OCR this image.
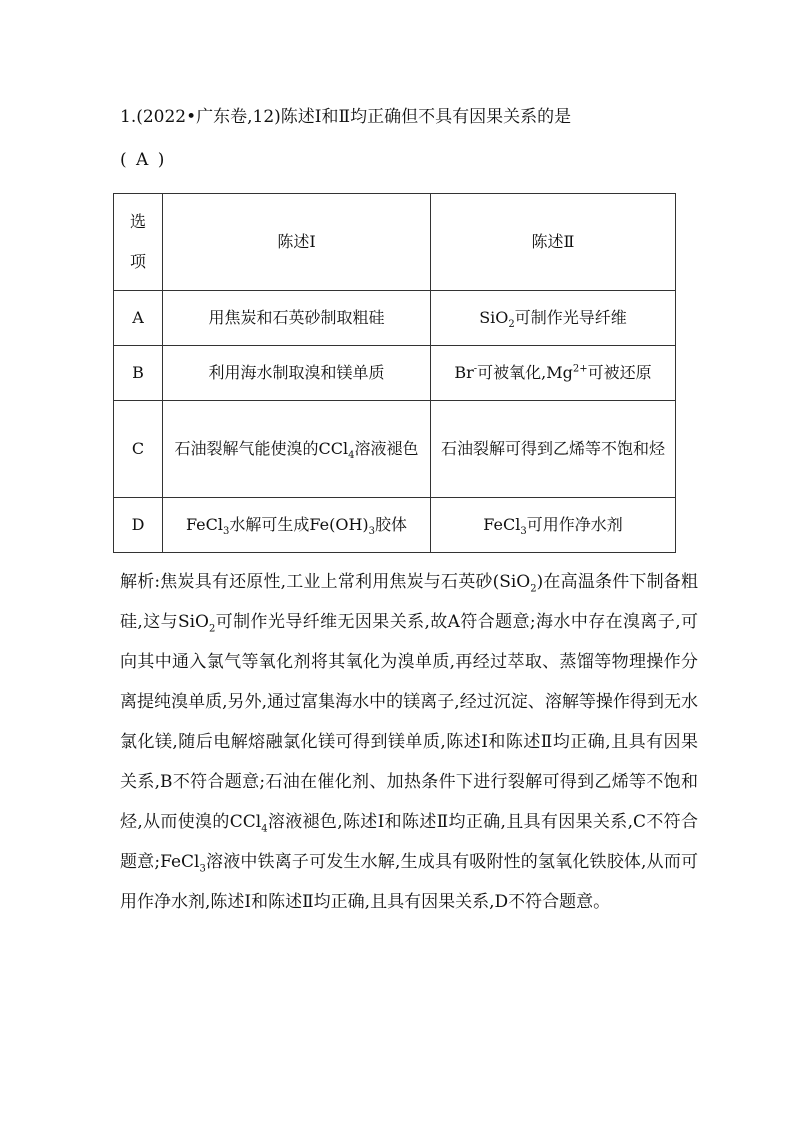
1.(2022•广东卷,12)陈述Ⅰ和Ⅱ均正确但不具有因果关系的是
( A )
选
项	陈述Ⅰ	陈述Ⅱ
A	用焦炭和石英砂制取粗硅	SiO$_2$可制作光导纤维
B	利用海水制取溴和镁单质	Br-可被氧化$,Mg^{2+}$可被还原
C	石油裂解气能使溴的CCl$_4$溶液褪色	石油裂解可得到乙烯等不饱和烃
D	FeCl$_3$水解可生成$Fe(OH)_3$胶体	FeCl$_3$可用作净水剂
解析:焦炭具有还原性,工业上常利用焦炭与石英砂(SiO$_2$)在高温条件下制备粗硅,这与SiO$_2$可制作光导纤维无因果关系,故A符合题意;海水中存在溴离子,可向其中通入氯气等氧化剂将其氧化为溴单质,再经过萃取、蒸馏等物理操作分离提纯溴单质,另外,通过富集海水中的镁离子,经过沉淀、溶解等操作得到无水氯化镁,随后电解熔融氯化镁可得到镁单质,陈述Ⅰ和陈述Ⅱ均正确,且具有因果关系,B不符合题意;石油在催化剂、加热条件下进行裂解可得到乙烯等不饱和烃,从而使溴的CCl$_4$溶液褪色,陈述Ⅰ和陈述Ⅱ均正确,且具有因果关系,C不符合题意;FeCl$_3$溶液中铁离子可发生水解,生成具有吸附性的氢氧化铁胶体,从而可用作净水剂,陈述Ⅰ和陈述Ⅱ均正确,且具有因果关系,D不符合题意。
